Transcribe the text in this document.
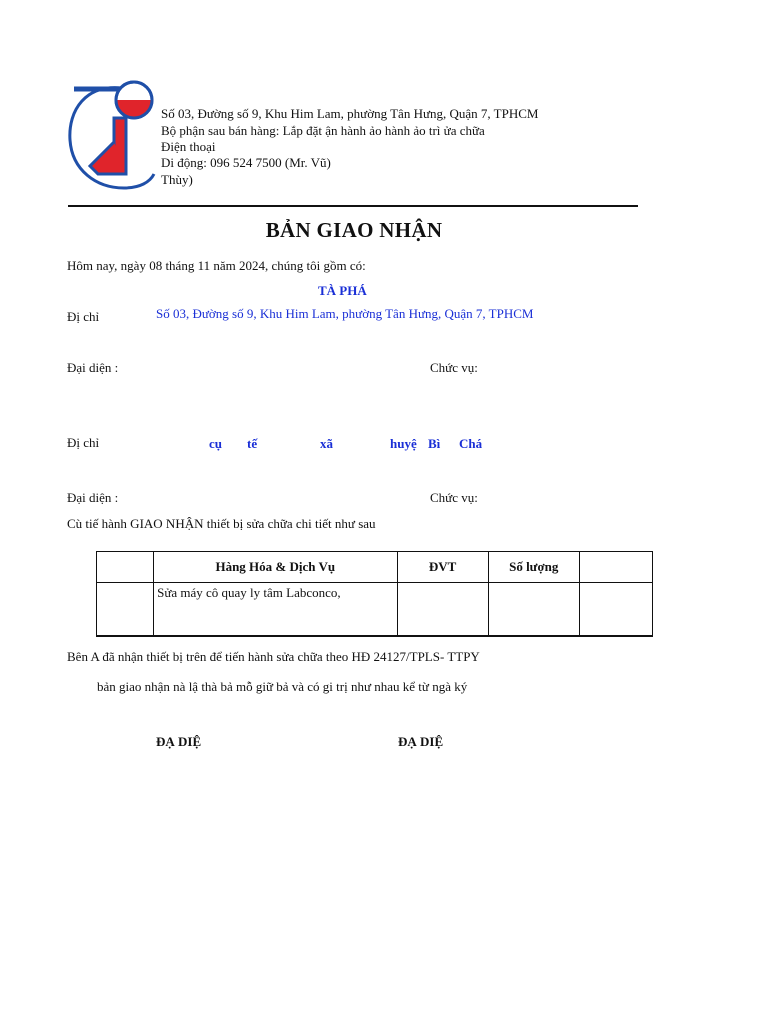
Số 03, Đường số 9, Khu Him Lam, phường Tân Hưng, Quận 7, TPHCM
Bộ phận sau bán hàng: Lắp đặt ận hành ảo hành ảo trì ửa chữa
Điện thoại
Di động: 096 524 7500 (Mr. Vũ)
Thùy)
BẢN GIAO NHẬN
Hôm nay, ngày 08 tháng 11 năm 2024, chúng tôi gồm có:
TÀ PHÁ
Đị chỉ	Số 03, Đường số 9, Khu Him Lam, phường Tân Hưng, Quận 7, TPHCM
Đại diện :	Chức vụ:
Đị chỉ	cụ tế	xã	huyệ Bì Chá
Đại diện :	Chức vụ:
Cù tiế hành GIAO NHẬN thiết bị sửa chữa chi tiết như sau
	Hàng Hóa & Dịch Vụ	ĐVT	Số lượng	
	Sửa máy cô quay ly tâm Labconco,			
Bên A đã nhận thiết bị trên để tiến hành sửa chữa theo HĐ 24127/TPLS- TTPY
bản giao nhận nà lậ thà bả mỗ giữ bả và có gi trị như nhau kể từ ngà ký
ĐẠ DIỆ	ĐẠ DIỆ
